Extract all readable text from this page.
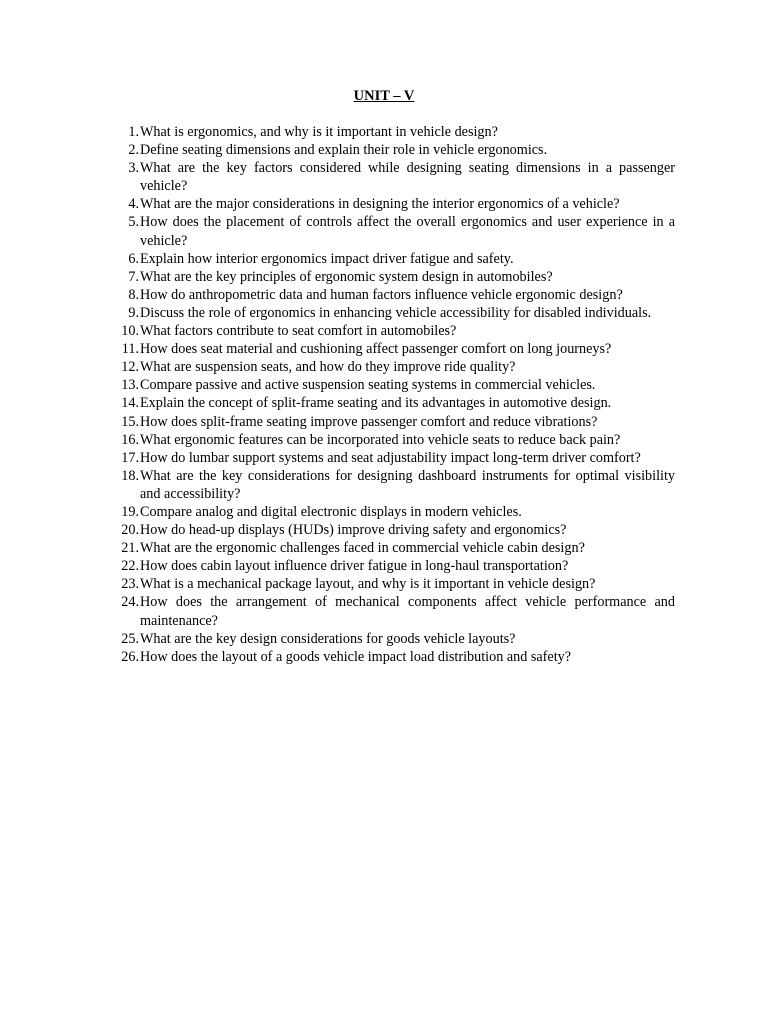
UNIT – V
1. What is ergonomics, and why is it important in vehicle design?
2. Define seating dimensions and explain their role in vehicle ergonomics.
3. What are the key factors considered while designing seating dimensions in a passenger vehicle?
4. What are the major considerations in designing the interior ergonomics of a vehicle?
5. How does the placement of controls affect the overall ergonomics and user experience in a vehicle?
6. Explain how interior ergonomics impact driver fatigue and safety.
7. What are the key principles of ergonomic system design in automobiles?
8. How do anthropometric data and human factors influence vehicle ergonomic design?
9. Discuss the role of ergonomics in enhancing vehicle accessibility for disabled individuals.
10. What factors contribute to seat comfort in automobiles?
11. How does seat material and cushioning affect passenger comfort on long journeys?
12. What are suspension seats, and how do they improve ride quality?
13. Compare passive and active suspension seating systems in commercial vehicles.
14. Explain the concept of split-frame seating and its advantages in automotive design.
15. How does split-frame seating improve passenger comfort and reduce vibrations?
16. What ergonomic features can be incorporated into vehicle seats to reduce back pain?
17. How do lumbar support systems and seat adjustability impact long-term driver comfort?
18. What are the key considerations for designing dashboard instruments for optimal visibility and accessibility?
19. Compare analog and digital electronic displays in modern vehicles.
20. How do head-up displays (HUDs) improve driving safety and ergonomics?
21. What are the ergonomic challenges faced in commercial vehicle cabin design?
22. How does cabin layout influence driver fatigue in long-haul transportation?
23. What is a mechanical package layout, and why is it important in vehicle design?
24. How does the arrangement of mechanical components affect vehicle performance and maintenance?
25. What are the key design considerations for goods vehicle layouts?
26. How does the layout of a goods vehicle impact load distribution and safety?
